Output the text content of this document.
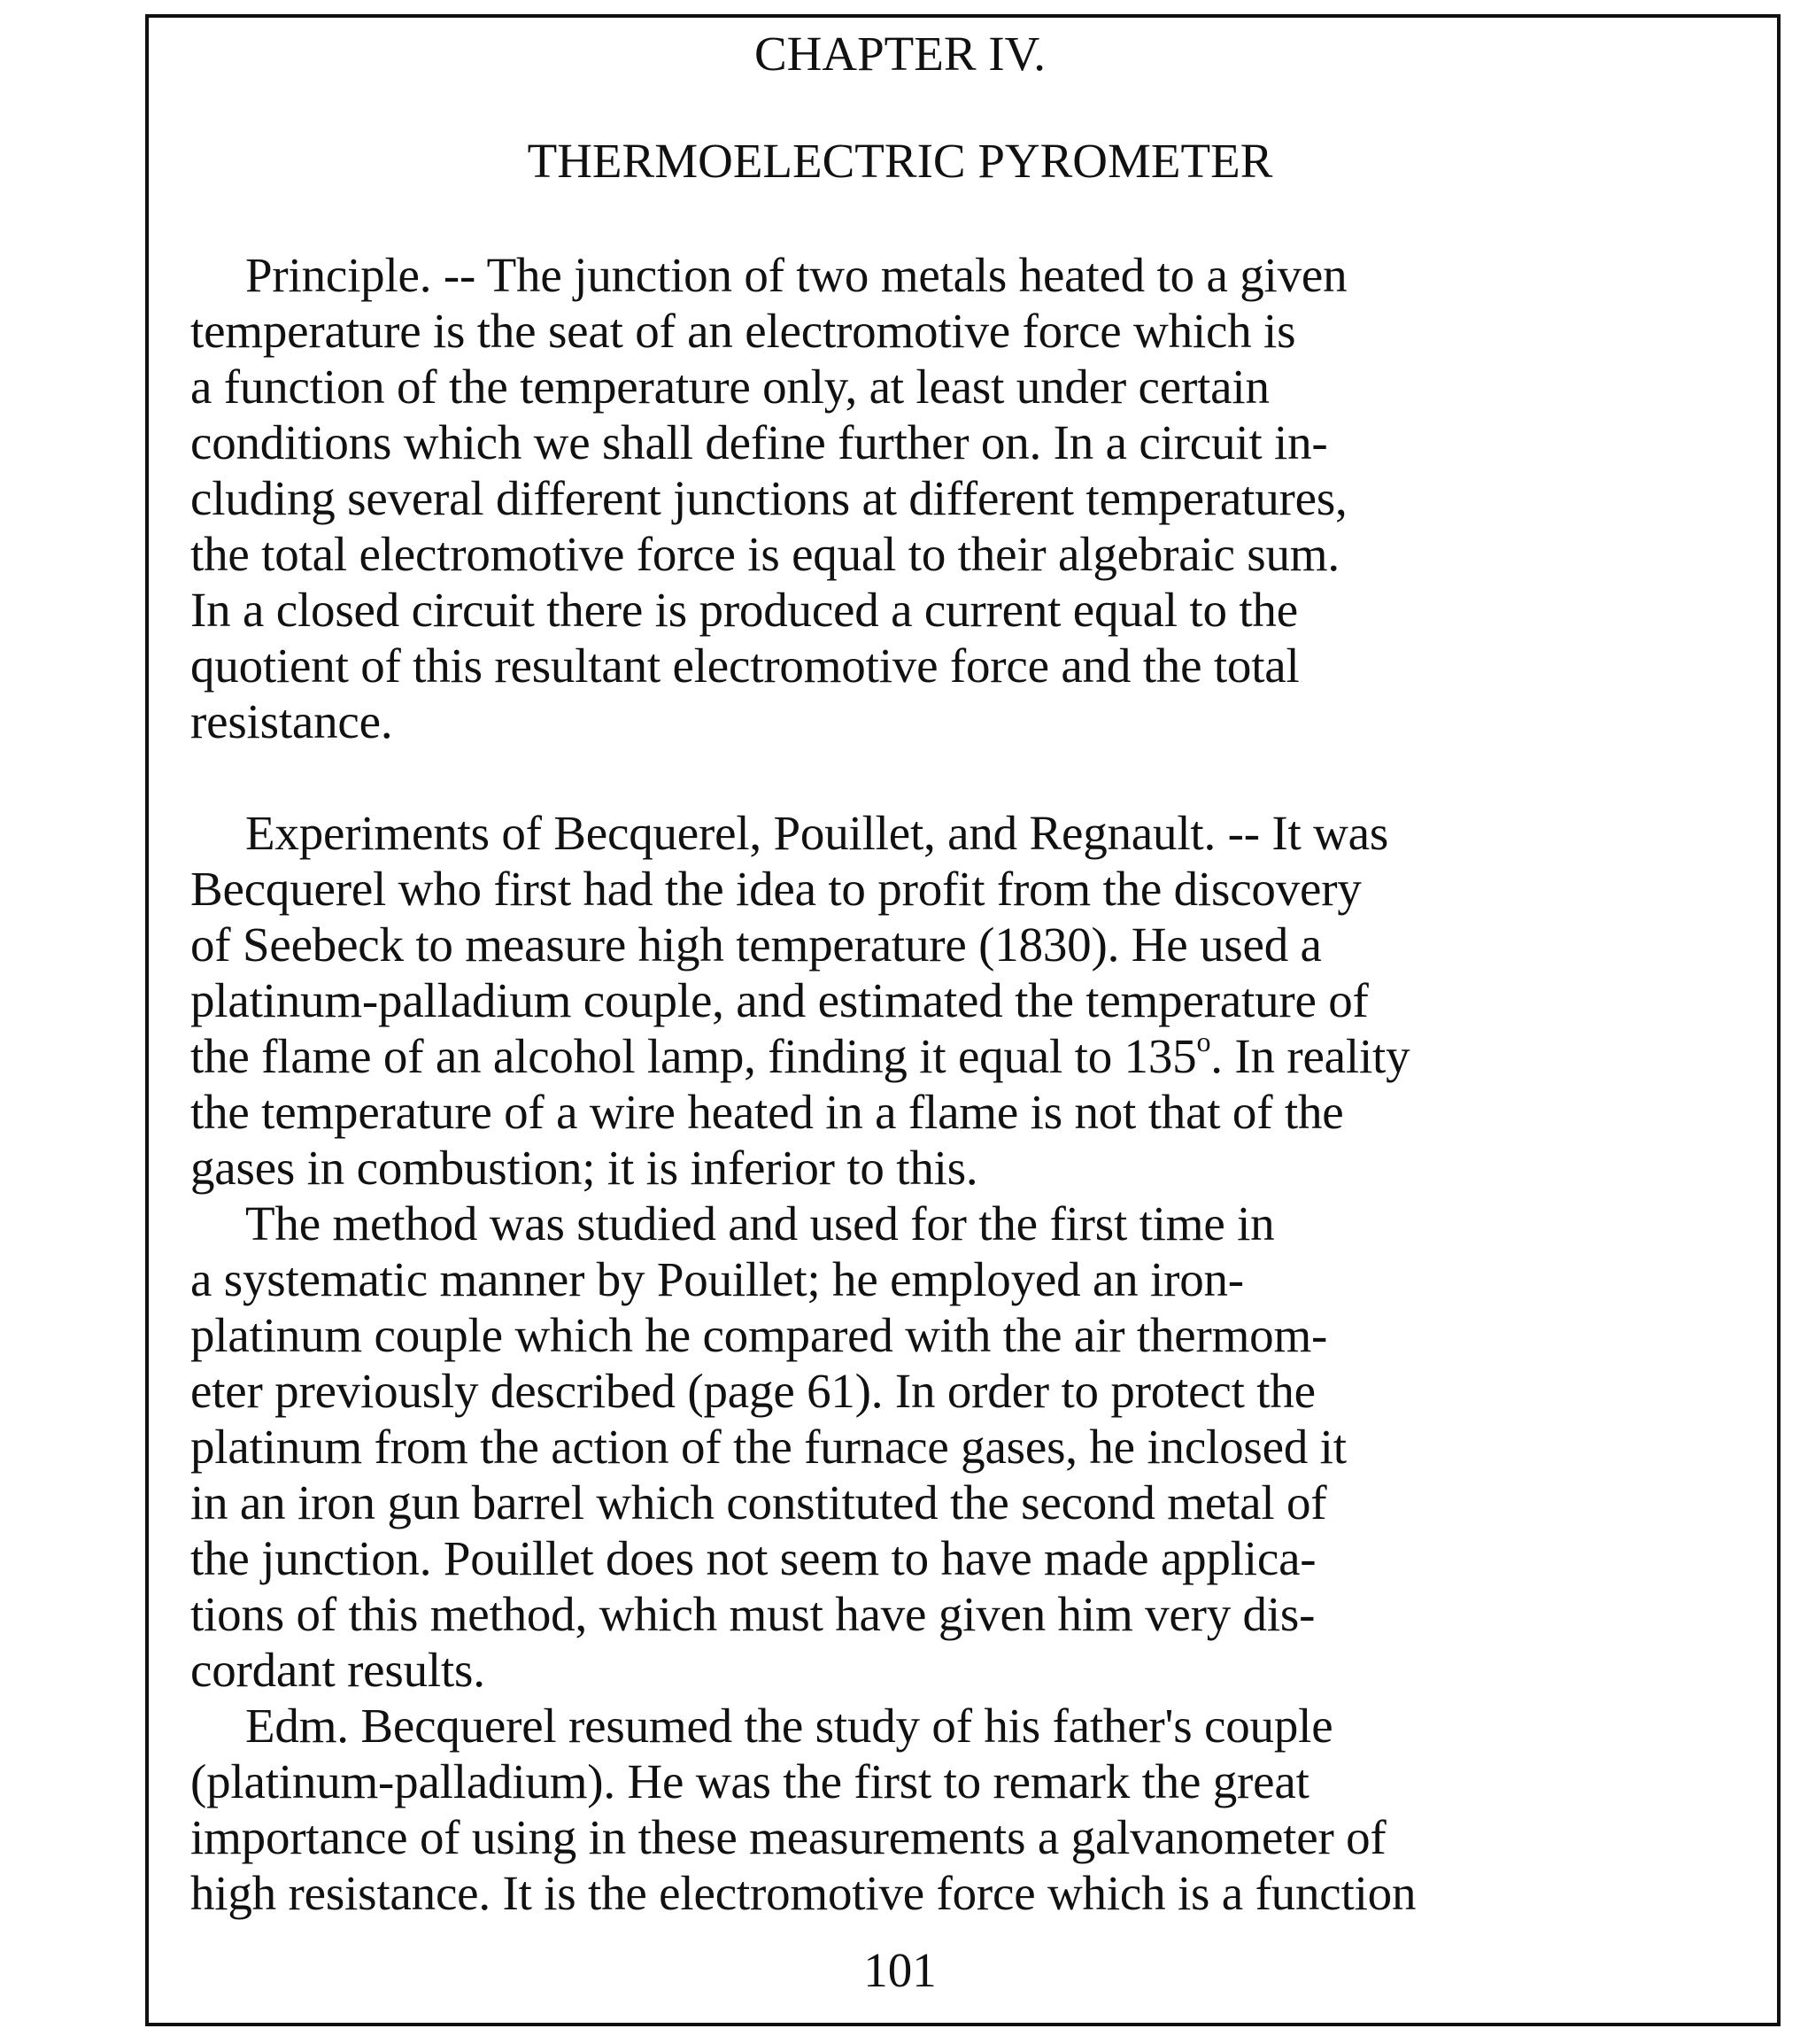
CHAPTER IV.
THERMOELECTRIC PYROMETER
Principle. -- The junction of two metals heated to a given
temperature is the seat of an electromotive force which is
a function of the temperature only, at least under certain
conditions which we shall define further on. In a circuit in-
cluding several different junctions at different temperatures,
the total electromotive force is equal to their algebraic sum.
In a closed circuit there is produced a current equal to the
quotient of this resultant electromotive force and the total
resistance.
Experiments of Becquerel, Pouillet, and Regnault. -- It was
Becquerel who first had the idea to profit from the discovery
of Seebeck to measure high temperature (1830). He used a
platinum-palladium couple, and estimated the temperature of
the flame of an alcohol lamp, finding it equal to 135$^o$. In reality
the temperature of a wire heated in a flame is not that of the
gases in combustion; it is inferior to this.
The method was studied and used for the first time in
a systematic manner by Pouillet; he employed an iron-
platinum couple which he compared with the air thermom-
eter previously described (page 61). In order to protect the
platinum from the action of the furnace gases, he inclosed it
in an iron gun barrel which constituted the second metal of
the junction. Pouillet does not seem to have made applica-
tions of this method, which must have given him very dis-
cordant results.
Edm. Becquerel resumed the study of his father's couple
(platinum-palladium). He was the first to remark the great
importance of using in these measurements a galvanometer of
high resistance. It is the electromotive force which is a function
101
